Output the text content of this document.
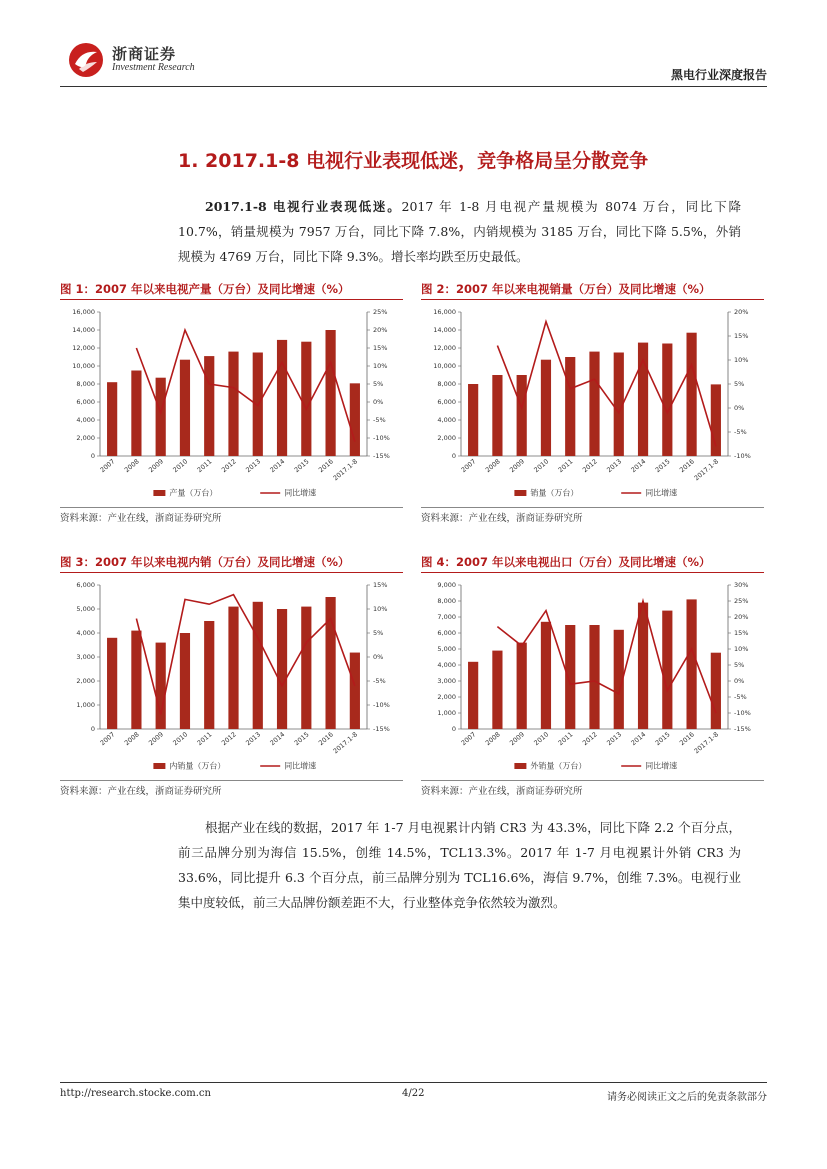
浙商证券
Investment Research
黑电行业深度报告
1. 2017.1-8 电视行业表现低迷，竞争格局呈分散竞争

2017.1-8 电视行业表现低迷。2017 年 1-8 月电视产量规模为 8074 万台，同比下降 10.7%，销量规模为 7957 万台，同比下降 7.8%，内销规模为 3185 万台，同比下降 5.5%，外销规模为 4769 万台，同比下降 9.3%。增长率均跌至历史最低。

图 1：2007 年以来电视产量（万台）及同比增速（%）
16,000
14,000
12,000
10,000
8,000
6,000
4,000
2,000
0
25%
20%
15%
10%
5%
0%
-5%
-10%
-15%
2007 2008 2009 2010 2011 2012 2013 2014 2015 2016
2017.1-8
产量（万台）	同比增速
资料来源：产业在线，浙商证券研究所
图 2：2007 年以来电视销量（万台）及同比增速（%）
16,000
14,000
12,000
10,000
8,000
6,000
4,000
2,000
0
20%
15%
10%
5%
0%
-5%
-10%
2007 2008 2009 2010 2011 2012 2013 2014 2015 2016
2017.1-8
销量（万台）	同比增速
资料来源：产业在线，浙商证券研究所
图 3：2007 年以来电视内销（万台）及同比增速（%）
6,000
5,000
4,000
3,000
2,000
1,000
0
15%
10%
5%
0%
-5%
-10%
-15%
2007 2008 2009 2010 2011 2012 2013 2014 2015 2016
2017.1-8
内销量（万台）	同比增速
资料来源：产业在线，浙商证券研究所
图 4：2007 年以来电视出口（万台）及同比增速（%）
9,000
8,000
7,000
6,000
5,000
4,000
3,000
2,000
1,000
0
30%
25%
20%
15%
10%
5%
0%
-5%
-10%
-15%
2007 2008 2009 2010 2011 2012 2013 2014 2015 2016
2017.1-8
外销量（万台）	同比增速
资料来源：产业在线，浙商证券研究所

根据产业在线的数据，2017 年 1-7 月电视累计内销 CR3 为 43.3%，同比下降 2.2 个百分点，前三品牌分别为海信 15.5%，创维 14.5%，TCL13.3%。2017 年 1-7 月电视累计外销 CR3 为 33.6%，同比提升 6.3 个百分点，前三品牌分别为 TCL16.6%，海信 9.7%，创维 7.3%。电视行业集中度较低，前三大品牌份额差距不大，行业整体竞争依然较为激烈。

http://research.stocke.com.cn	4/22	请务必阅读正文之后的免责条款部分
